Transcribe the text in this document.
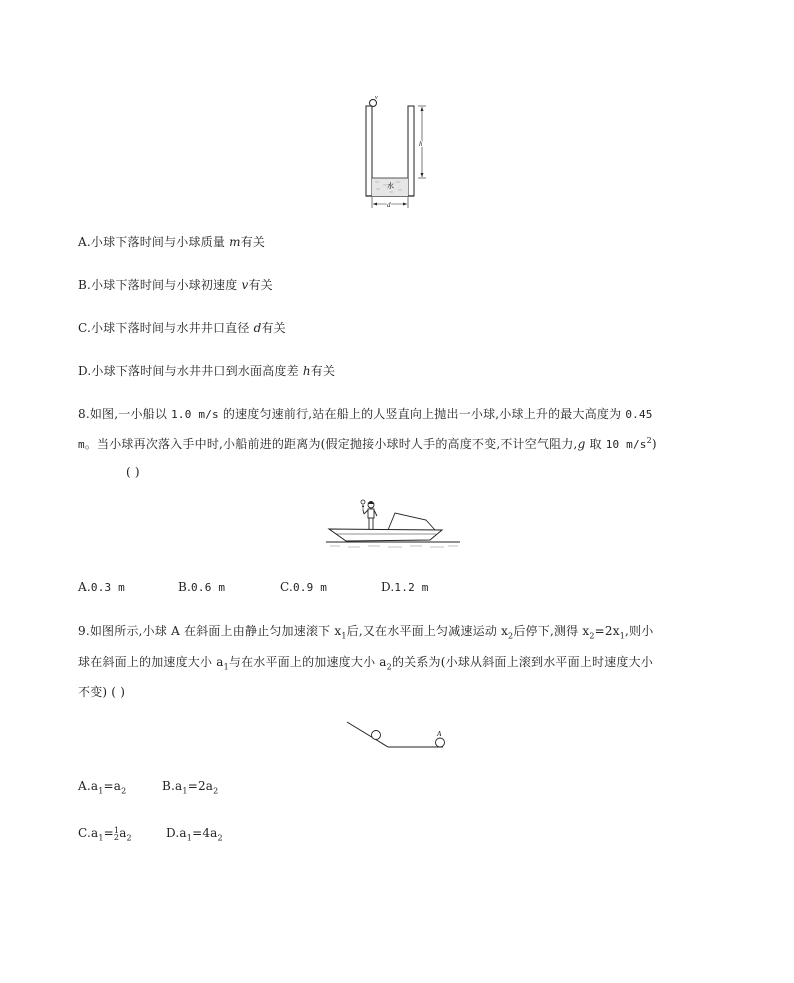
v
水
h
d
A.小球下落时间与小球质量 m有关
B.小球下落时间与小球初速度 v有关
C.小球下落时间与水井井口直径 d有关
D.小球下落时间与水井井口到水面高度差 h有关
8.如图,一小船以 1.0 m/s 的速度匀速前行,站在船上的人竖直向上抛出一小球,小球上升的最大高度为 0.45
m。当小球再次落入手中时,小船前进的距离为(假定抛接小球时人手的高度不变,不计空气阻力,g 取 10 $m/s^2$)
( )
A.0.3 m	B.0.6 m	C.0.9 m	D.1.2 m
9.如图所示,小球 A 在斜面上由静止匀加速滚下 $x_1$后,又在水平面上匀减速运动 $x_2$后停下,测得 $x_2=2x_1$,则小
球在斜面上的加速度大小 $a_1$与在水平面上的加速度大小 $a_2$的关系为(小球从斜面上滚到水平面上时速度大小
不变) ( )
A
$A.a_1=a_2$	$B.a_1=2a_2$
$C.a_1= 1$
2 $a_2$	$D.a_1=4a_2$
